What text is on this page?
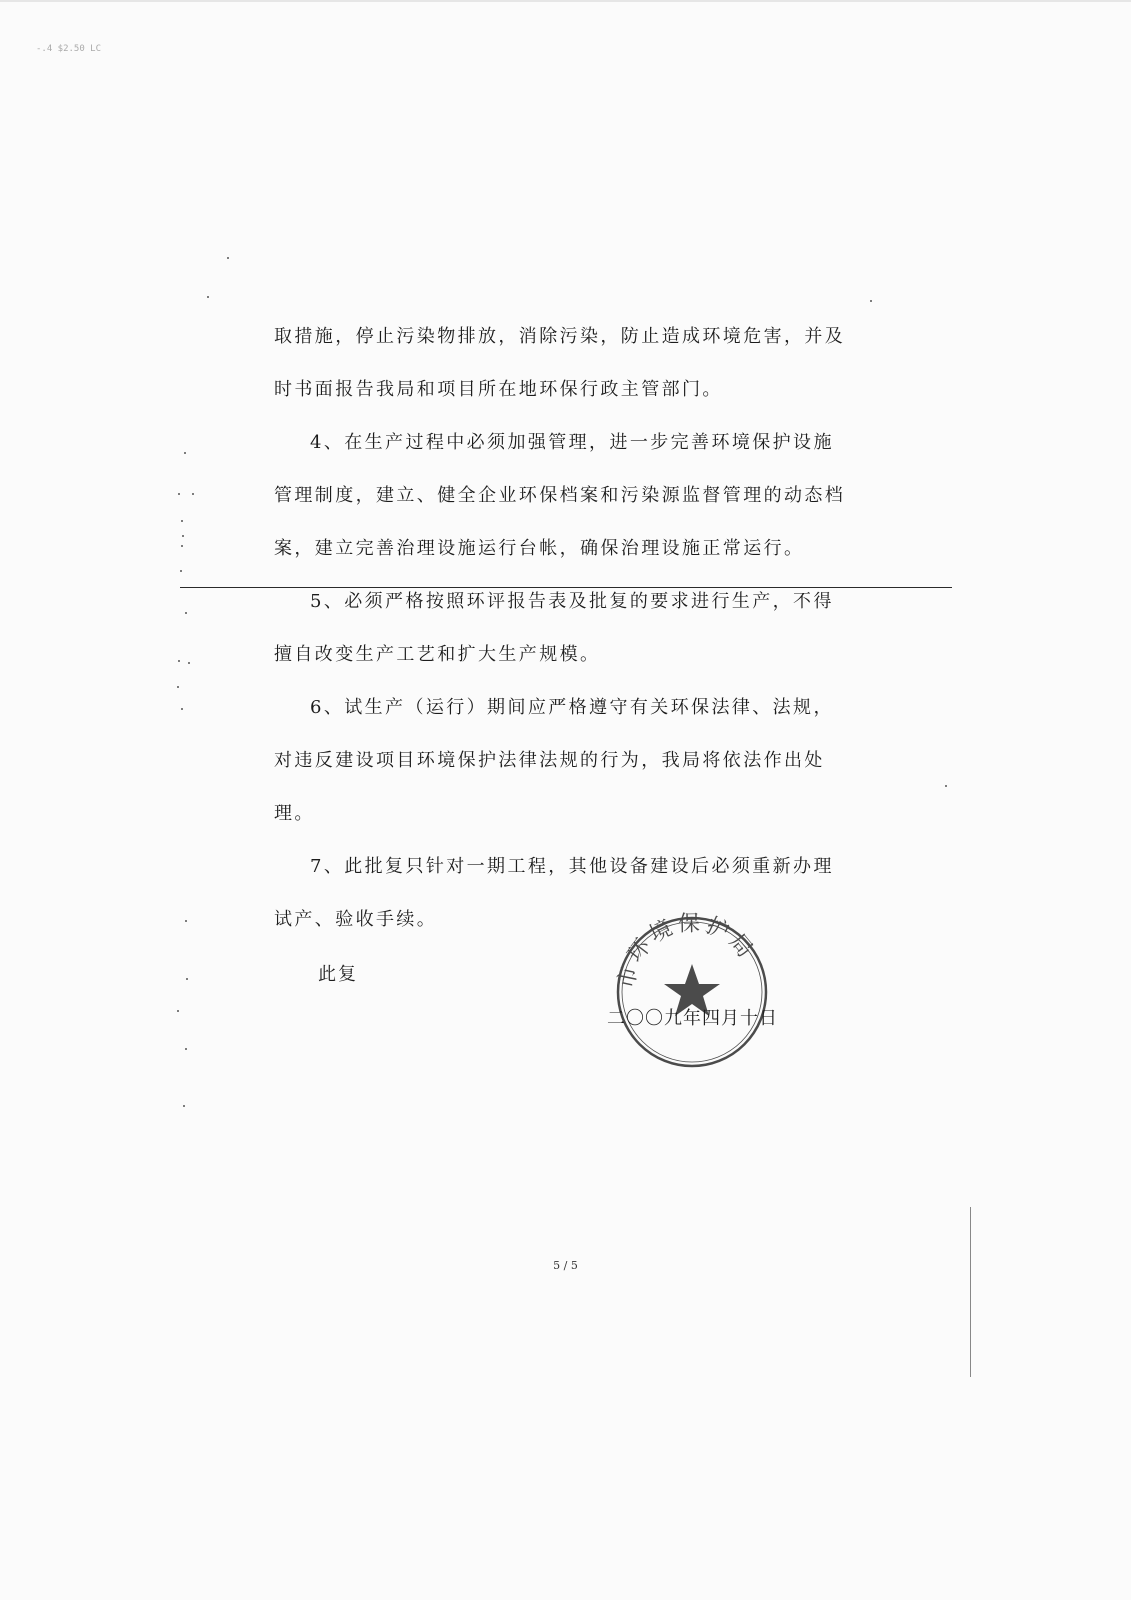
-.4 $2.50 LC

取措施，停止污染物排放，消除污染，防止造成环境危害，并及时书面报告我局和项目所在地环保行政主管部门。

4、在生产过程中必须加强管理，进一步完善环境保护设施管理制度，建立、健全企业环保档案和污染源监督管理的动态档案，建立完善治理设施运行台帐，确保治理设施正常运行。

5、必须严格按照环评报告表及批复的要求进行生产，不得擅自改变生产工艺和扩大生产规模。

6、试生产（运行）期间应严格遵守有关环保法律、法规，对违反建设项目环境保护法律法规的行为，我局将依法作出处理。

7、此批复只针对一期工程，其他设备建设后必须重新办理试产、验收手续。

此复	市环境保护局
二〇〇九年四月十日
5 / 5
